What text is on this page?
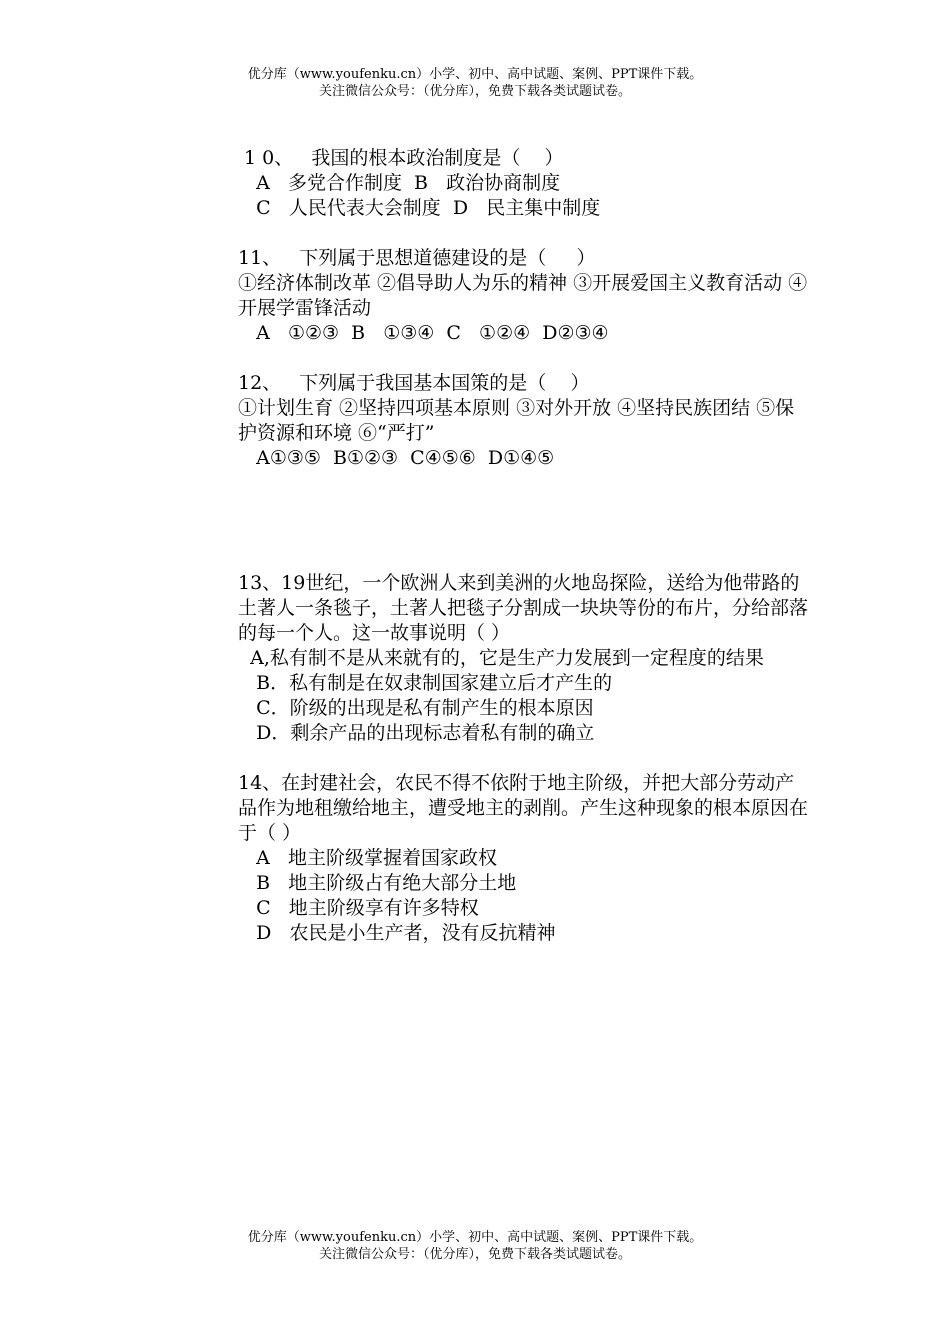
优分库（www.youfenku.cn）小学、初中、高中试题、案例、PPT课件下载。
关注微信公众号：（优分库），免费下载各类试题试卷。
1 0、   我国的根本政治制度是（    ）
A   多党合作制度  B   政治协商制度
C   人民代表大会制度  D   民主集中制度
11、   下列属于思想道德建设的是（     ）
①经济体制改革 ②倡导助人为乐的精神 ③开展爱国主义教育活动 ④开展学雷锋活动
A   ①②③  B   ①③④  C   ①②④  D②③④
12、   下列属于我国基本国策的是（    ）
①计划生育 ②坚持四项基本原则 ③对外开放 ④坚持民族团结 ⑤保护资源和环境 ⑥“严打”
A①③⑤  B①②③  C④⑤⑥  D①④⑤
13、19世纪，一个欧洲人来到美洲的火地岛探险，送给为他带路的土著人一条毯子，土著人把毯子分割成一块块等份的布片，分给部落的每一个人。这一故事说明（ ）
A,私有制不是从来就有的，它是生产力发展到一定程度的结果
B．私有制是在奴隶制国家建立后才产生的
C．阶级的出现是私有制产生的根本原因
D．剩余产品的出现标志着私有制的确立
14、在封建社会，农民不得不依附于地主阶级，并把大部分劳动产品作为地租缴给地主，遭受地主的剥削。产生这种现象的根本原因在于（ ）
A   地主阶级掌握着国家政权
B   地主阶级占有绝大部分土地
C   地主阶级享有许多特权
D   农民是小生产者，没有反抗精神
优分库（www.youfenku.cn）小学、初中、高中试题、案例、PPT课件下载。
关注微信公众号：（优分库），免费下载各类试题试卷。
